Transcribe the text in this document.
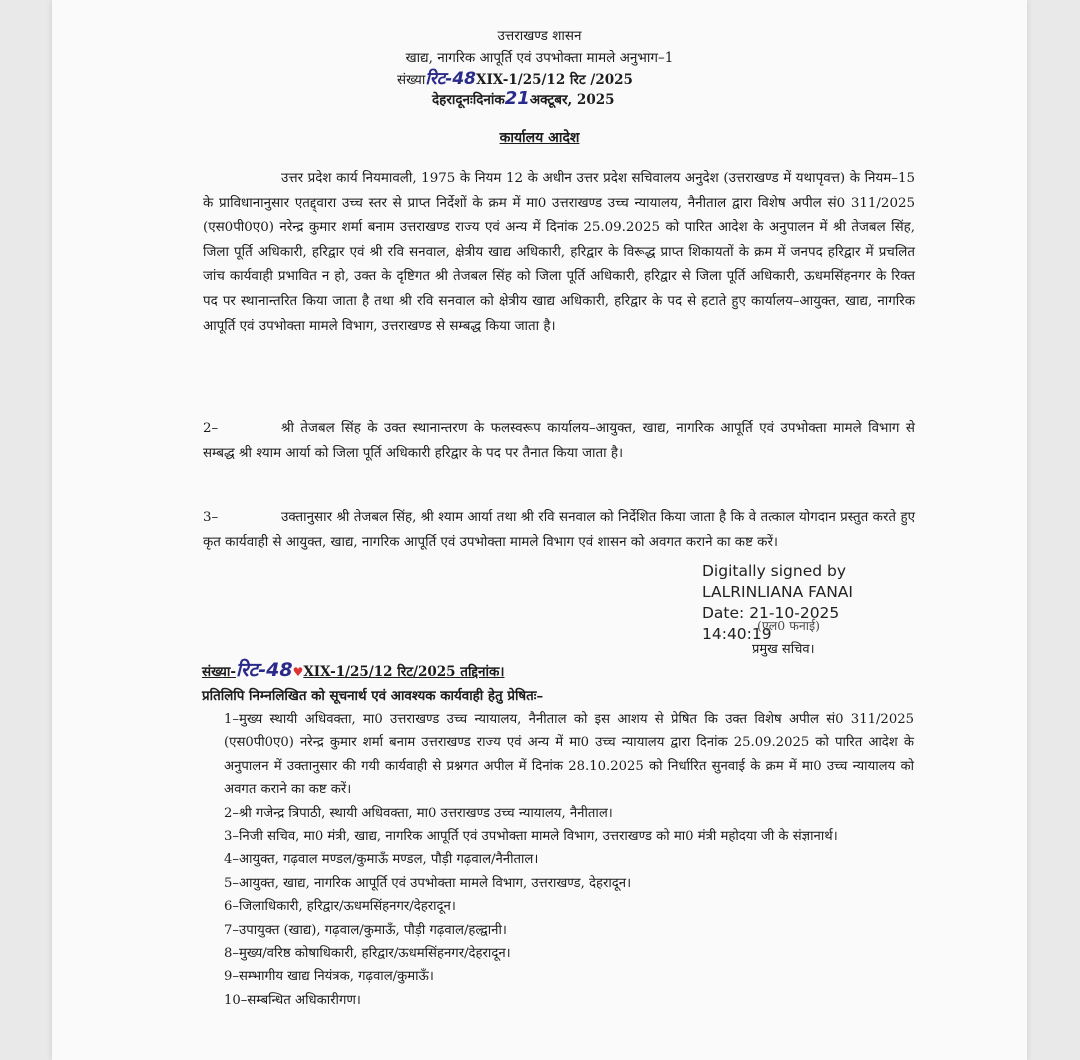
उत्तराखण्ड शासन
खाद्य, नागरिक आपूर्ति एवं उपभोक्ता मामले अनुभाग–1
संख्यारिट-48XIX-1/25/12 रिट /2025
देहरादूनःदिनांक21अक्टूबर, 2025
कार्यालय आदेश
उत्तर प्रदेश कार्य नियमावली, 1975 के नियम 12 के अधीन उत्तर प्रदेश सचिवालय अनुदेश (उत्तराखण्ड में यथापृवत्त) के नियम–15 के प्राविधानानुसार एतद्द्वारा उच्च स्तर से प्राप्त निर्देशों के क्रम में मा0 उत्तराखण्ड उच्च न्यायालय, नैनीताल द्वारा विशेष अपील सं0 311/2025 (एस0पी0ए0) नरेन्द्र कुमार शर्मा बनाम उत्तराखण्ड राज्य एवं अन्य में दिनांक 25.09.2025 को पारित आदेश के अनुपालन में श्री तेजबल सिंह, जिला पूर्ति अधिकारी, हरिद्वार एवं श्री रवि सनवाल, क्षेत्रीय खाद्य अधिकारी, हरिद्वार के विरूद्ध प्राप्त शिकायतों के क्रम में जनपद हरिद्वार में प्रचलित जांच कार्यवाही प्रभावित न हो, उक्त के दृष्टिगत श्री तेजबल सिंह को जिला पूर्ति अधिकारी, हरिद्वार से जिला पूर्ति अधिकारी, ऊधमसिंहनगर के रिक्त पद पर स्थानान्तरित किया जाता है तथा श्री रवि सनवाल को क्षेत्रीय खाद्य अधिकारी, हरिद्वार के पद से हटाते हुए कार्यालय–आयुक्त, खाद्य, नागरिक आपूर्ति एवं उपभोक्ता मामले विभाग, उत्तराखण्ड से सम्बद्ध किया जाता है।
2–	श्री तेजबल सिंह के उक्त स्थानान्तरण के फलस्वरूप कार्यालय–आयुक्त, खाद्य, नागरिक आपूर्ति एवं उपभोक्ता मामले विभाग से सम्बद्ध श्री श्याम आर्या को जिला पूर्ति अधिकारी हरिद्वार के पद पर तैनात किया जाता है।
3–	उक्तानुसार श्री तेजबल सिंह, श्री श्याम आर्या तथा श्री रवि सनवाल को निर्देशित किया जाता है कि वे तत्काल योगदान प्रस्तुत करते हुए कृत कार्यवाही से आयुक्त, खाद्य, नागरिक आपूर्ति एवं उपभोक्ता मामले विभाग एवं शासन को अवगत कराने का कष्ट करें।
Digitally signed by
LALRINLIANA FANAI
Date: 21-10-2025
14:40:19
(एल0 फनाई)
प्रमुख सचिव।
संख्या-रिट-48♥XIX-1/25/12 रिट/2025 तद्दिनांक।
प्रतिलिपि निम्नलिखित को सूचनार्थ एवं आवश्यक कार्यवाही हेतु प्रेषितः–

1–मुख्य स्थायी अधिवक्ता, मा0 उत्तराखण्ड उच्च न्यायालय, नैनीताल को इस आशय से प्रेषित कि उक्त विशेष अपील सं0 311/2025 (एस0पी0ए0) नरेन्द्र कुमार शर्मा बनाम उत्तराखण्ड राज्य एवं अन्य में मा0 उच्च न्यायालय द्वारा दिनांक 25.09.2025 को पारित आदेश के अनुपालन में उक्तानुसार की गयी कार्यवाही से प्रश्नगत अपील में दिनांक 28.10.2025 को निर्धारित सुनवाई के क्रम में मा0 उच्च न्यायालय को अवगत कराने का कष्ट करें।

2–श्री गजेन्द्र त्रिपाठी, स्थायी अधिवक्ता, मा0 उत्तराखण्ड उच्च न्यायालय, नैनीताल।

3–निजी सचिव, मा0 मंत्री, खाद्य, नागरिक आपूर्ति एवं उपभोक्ता मामले विभाग, उत्तराखण्ड को मा0 मंत्री महोदया जी के संज्ञानार्थ।

4–आयुक्त, गढ़वाल मण्डल/कुमाऊँ मण्डल, पौड़ी गढ़वाल/नैनीताल।

5–आयुक्त, खाद्य, नागरिक आपूर्ति एवं उपभोक्ता मामले विभाग, उत्तराखण्ड, देहरादून।

6–जिलाधिकारी, हरिद्वार/ऊधमसिंहनगर/देहरादून।

7–उपायुक्त (खाद्य), गढ़वाल/कुमाऊँ, पौड़ी गढ़वाल/हल्द्वानी।

8–मुख्य/वरिष्ठ कोषाधिकारी, हरिद्वार/ऊधमसिंहनगर/देहरादून।

9–सम्भागीय खाद्य नियंत्रक, गढ़वाल/कुमाऊँ।

10–सम्बन्धित अधिकारीगण।
